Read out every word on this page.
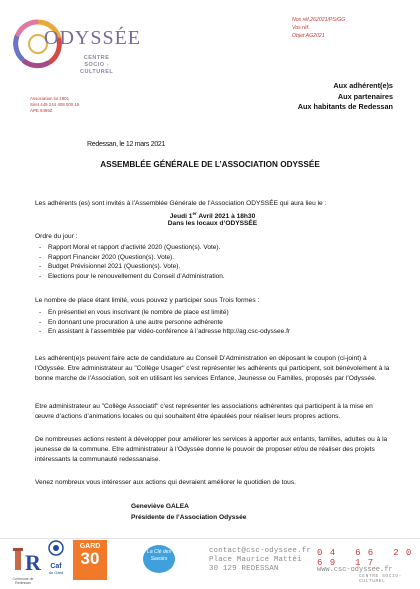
ODYSSÉE
CENTRE
SOCIO -
CULTUREL
Association loi 1901
Siret 449 244 408 000 15
APE 9499Z
Nos réf.262021/PS/GG
Vos réf.
Objet AG2021
Aux adhérent(e)s
Aux partenaires
Aux habitants de Redessan
Redessan, le 12 mars 2021
ASSEMBLÉE GÉNÉRALE DE L’ASSOCIATION ODYSSÉE
Les adhérents (es) sont invités à l’Assemblée Générale de l’Association ODYSSÉE qui aura lieu le :
Jeudi 1er Avril 2021 à 18h30
Dans les locaux d’ODYSSÉE
Ordre du jour :
- Rapport Moral et rapport d’activité 2020 (Question(s). Vote).
- Rapport Financier 2020 (Question(s). Vote).
- Budget Prévisionnel 2021 (Question(s). Vote).
- Elections pour le renouvellement du Conseil d’Administration.
Le nombre de place étant limité, vous pouvez y participer sous Trois formes :
- En présentiel en vous inscrivant (le nombre de place est limité)
- En donnant une procuration à une autre personne adhérente
- En assistant à l’assemblée par vidéo-conférence à l’adresse http://ag.csc-odyssee.fr
Les adhérent(e)s peuvent faire acte de candidature au Conseil D’Administration en déposant le coupon (ci-joint) à l’Odyssée. Etre administrateur au "Collège Usager" c’est représenter les adhérents qui participent, soit bénévolement à la bonne marche de l’Association, soit en utilisant les services Enfance, Jeunesse ou Familles, proposés par l’Odyssée.
Etre administrateur au "Collège Associatif" c’est représenter les associations adhérentes qui participent à la mise en œuvre d’actions d’animations locales ou qui souhaitent être épaulées pour réaliser leurs propres actions.
De nombreuses actions restent à développer pour améliorer les services à apporter aux enfants, familles, adultes ou à la jeunesse de la commune. Etre administrateur à l’Odyssée donne le pouvoir de proposer et/ou de réaliser des projets intéressants la communauté redessanaise.
Venez nombreux vous intéresser aux actions qui devraient améliorer le quotidien de tous.
Geneviève GALEA
Présidente de l’Association Odyssée
R
Commune de Redessan
Caf
du Gard
GARD
30	La Clé des Savoirs
contact@csc-odyssee.fr
Place Maurice Mattéi
30 129 REDESSAN
04 66 20 69 17
www.csc-odyssee.fr
CENTRE SOCIO-CULTUREL
